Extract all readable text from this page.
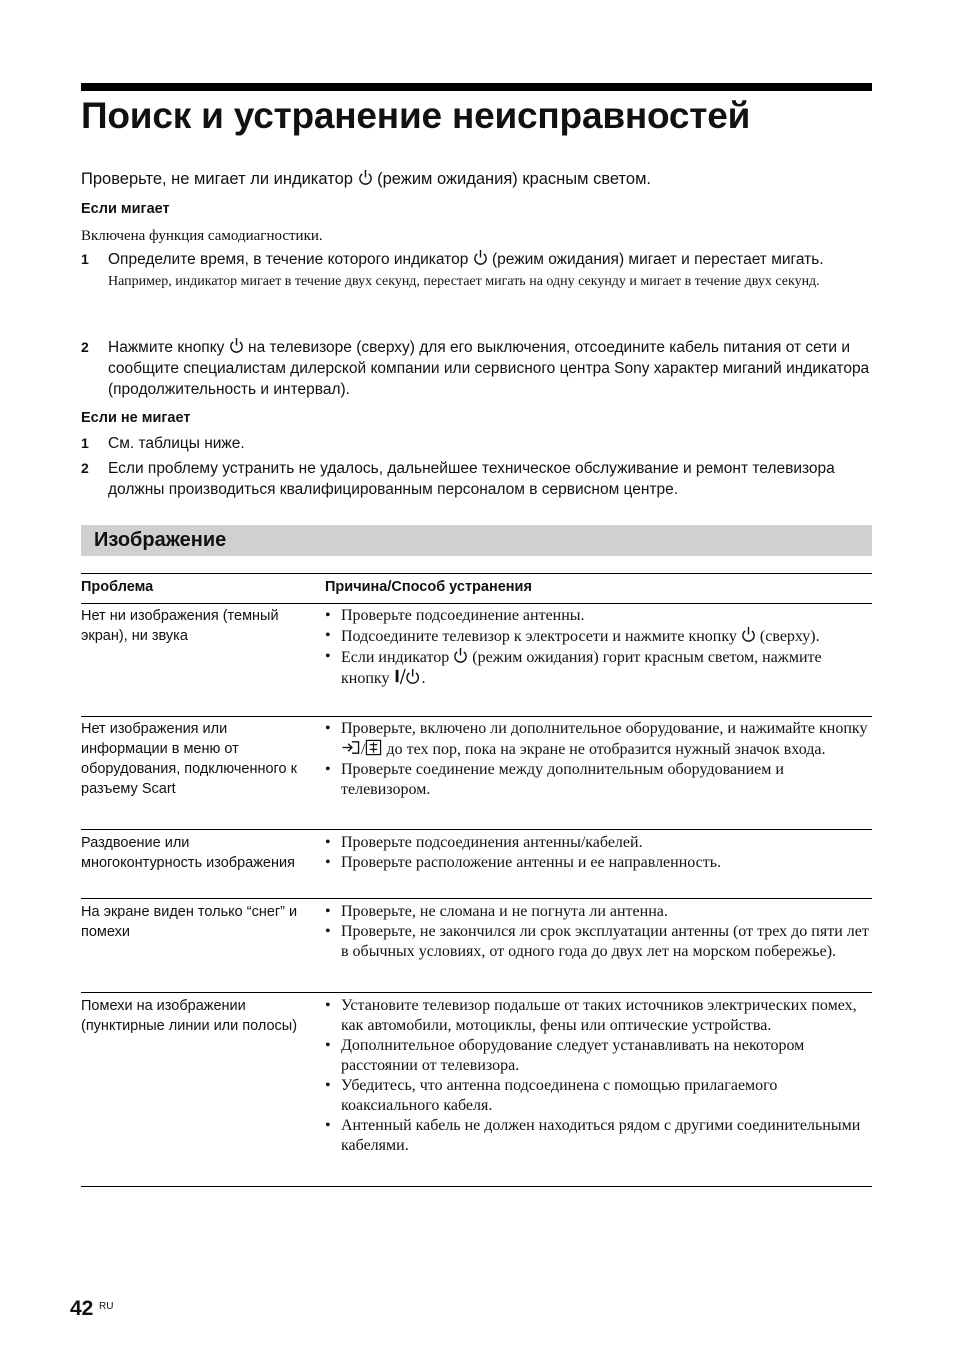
Поиск и устранение неисправностей
Проверьте, не мигает ли индикатор (режим ожидания) красным светом.
Если мигает
Включена функция самодиагностики.
1 Определите время, в течение которого индикатор (режим ожидания) мигает и перестает мигать.
Например, индикатор мигает в течение двух секунд, перестает мигать на одну секунду и мигает в течение двух секунд.
2 Нажмите кнопку на телевизоре (сверху) для его выключения, отсоедините кабель питания от сети и сообщите специалистам дилерской компании или сервисного центра Sony характер миганий индикатора (продолжительность и интервал).
Если не мигает
1 См. таблицы ниже.
2 Если проблему устранить не удалось, дальнейшее техническое обслуживание и ремонт телевизора должны производиться квалифицированным персоналом в сервисном центре.
Изображение
Проблема	Причина/Способ устранения
Нет ни изображения (темный экран), ни звука
• Проверьте подсоединение антенны.
• Подсоедините телевизор к электросети и нажмите кнопку (сверху).
• Если индикатор (режим ожидания) горит красным светом, нажмите кнопку .
Нет изображения или информации в меню от оборудования, подключенного к разъему Scart
• Проверьте, включено ли дополнительное оборудование, и нажимайте кнопку / до тех пор, пока на экране не отобразится нужный значок входа.
• Проверьте соединение между дополнительным оборудованием и телевизором.
Раздвоение или многоконтурность изображения
• Проверьте подсоединения антенны/кабелей.
• Проверьте расположение антенны и ее направленность.
На экране виден только “снег” и помехи
• Проверьте, не сломана и не погнута ли антенна.
• Проверьте, не закончился ли срок эксплуатации антенны (от трех до пяти лет в обычных условиях, от одного года до двух лет на морском побережье).
Помехи на изображении (пунктирные линии или полосы)
• Установите телевизор подальше от таких источников электрических помех, как автомобили, мотоциклы, фены или оптические устройства.
• Дополнительное оборудование следует устанавливать на некотором расстоянии от телевизора.
• Убедитесь, что антенна подсоединена с помощью прилагаемого коаксиального кабеля.
• Антенный кабель не должен находиться рядом с другими соединительными кабелями.
42 RU
